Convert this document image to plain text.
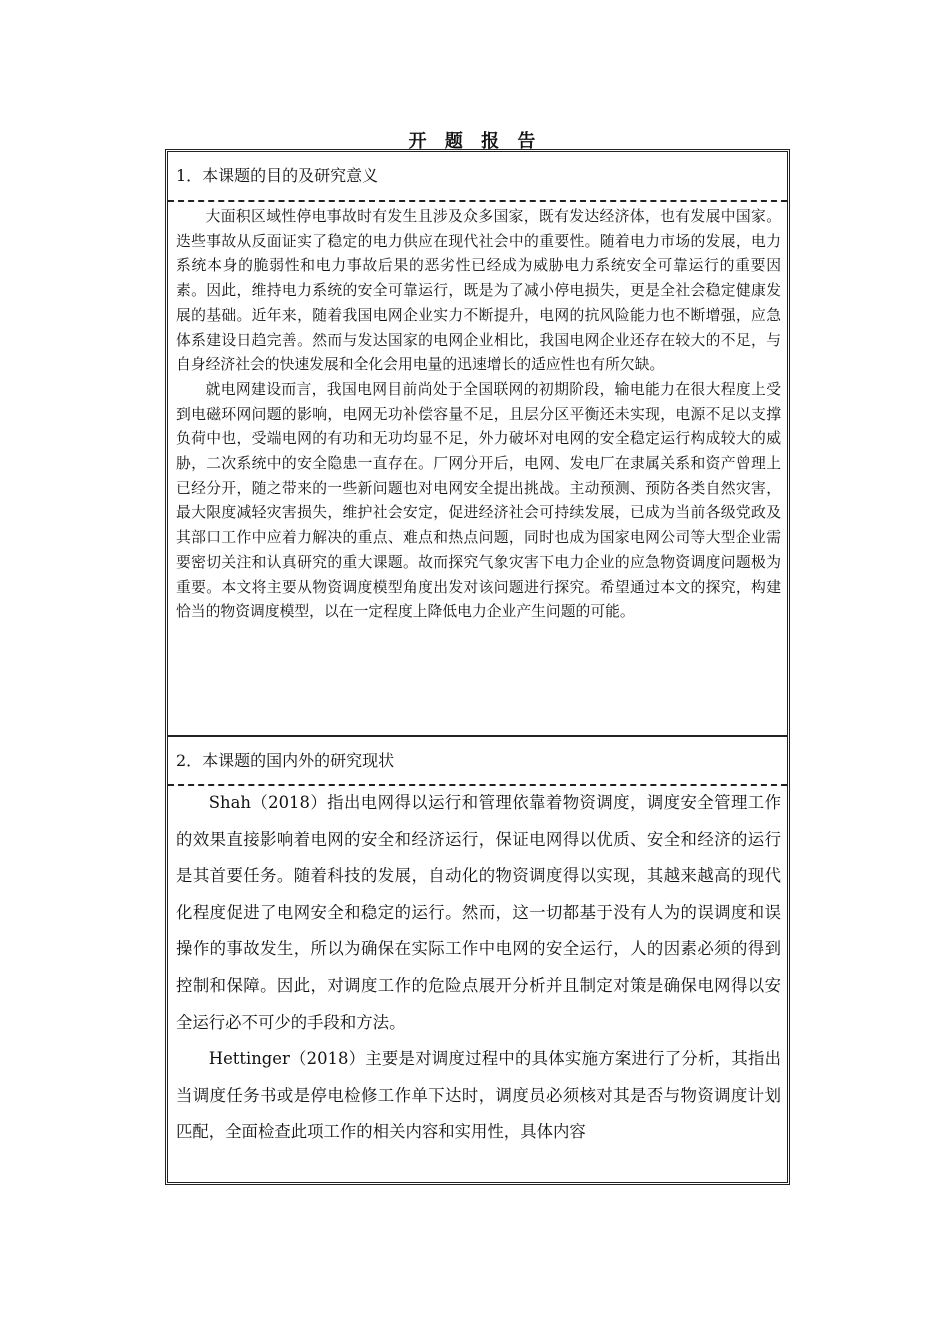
开 题 报 告
1．本课题的目的及研究意义

大面积区域性停电事故时有发生且涉及众多国家，既有发达经济体，也有发展中国家。迭些事故从反面证实了稳定的电力供应在现代社会中的重要性。随着电力市场的发展，电力系统本身的脆弱性和电力事故后果的恶劣性已经成为威胁电力系统安全可靠运行的重要因素。因此，维持电力系统的安全可靠运行，既是为了减小停电损失，更是全社会稳定健康发展的基础。近年来，随着我国电网企业实力不断提升，电网的抗风险能力也不断增强，应急体系建设日趋完善。然而与发达国家的电网企业相比，我国电网企业还存在较大的不足，与自身经济社会的快速发展和全化会用电量的迅速增长的适应性也有所欠缺。

就电网建设而言，我国电网目前尚处于全国联网的初期阶段，输电能力在很大程度上受到电磁环网问题的影响，电网无功补偿容量不足，且层分区平衡还未实现，电源不足以支撑负荷中也，受端电网的有功和无功均显不足，外力破坏对电网的安全稳定运行构成较大的威胁，二次系统中的安全隐患一直存在。厂网分开后，电网、发电厂在隶属关系和资产曾理上已经分开，随之带来的一些新问题也对电网安全提出挑战。主动预测、预防各类自然灾害，最大限度减轻灾害损失，维护社会安定，促进经济社会可持续发展，已成为当前各级党政及其部口工作中应着力解决的重点、难点和热点问题，同时也成为国家电网公司等大型企业需要密切关注和认真研究的重大课题。故而探究气象灾害下电力企业的应急物资调度问题极为重要。本文将主要从物资调度模型角度出发对该问题进行探究。希望通过本文的探究，构建恰当的物资调度模型，以在一定程度上降低电力企业产生问题的可能。

2．本课题的国内外的研究现状

Shah（2018）指出电网得以运行和管理依靠着物资调度，调度安全管理工作的效果直接影响着电网的安全和经济运行，保证电网得以优质、安全和经济的运行是其首要任务。随着科技的发展，自动化的物资调度得以实现，其越来越高的现代化程度促进了电网安全和稳定的运行。然而，这一切都基于没有人为的误调度和误操作的事故发生，所以为确保在实际工作中电网的安全运行，人的因素必须的得到控制和保障。因此，对调度工作的危险点展开分析并且制定对策是确保电网得以安全运行必不可少的手段和方法。

Hettinger（2018）主要是对调度过程中的具体实施方案进行了分析，其指出当调度任务书或是停电检修工作单下达时，调度员必须核对其是否与物资调度计划匹配，全面检查此项工作的相关内容和实用性，具体内容
